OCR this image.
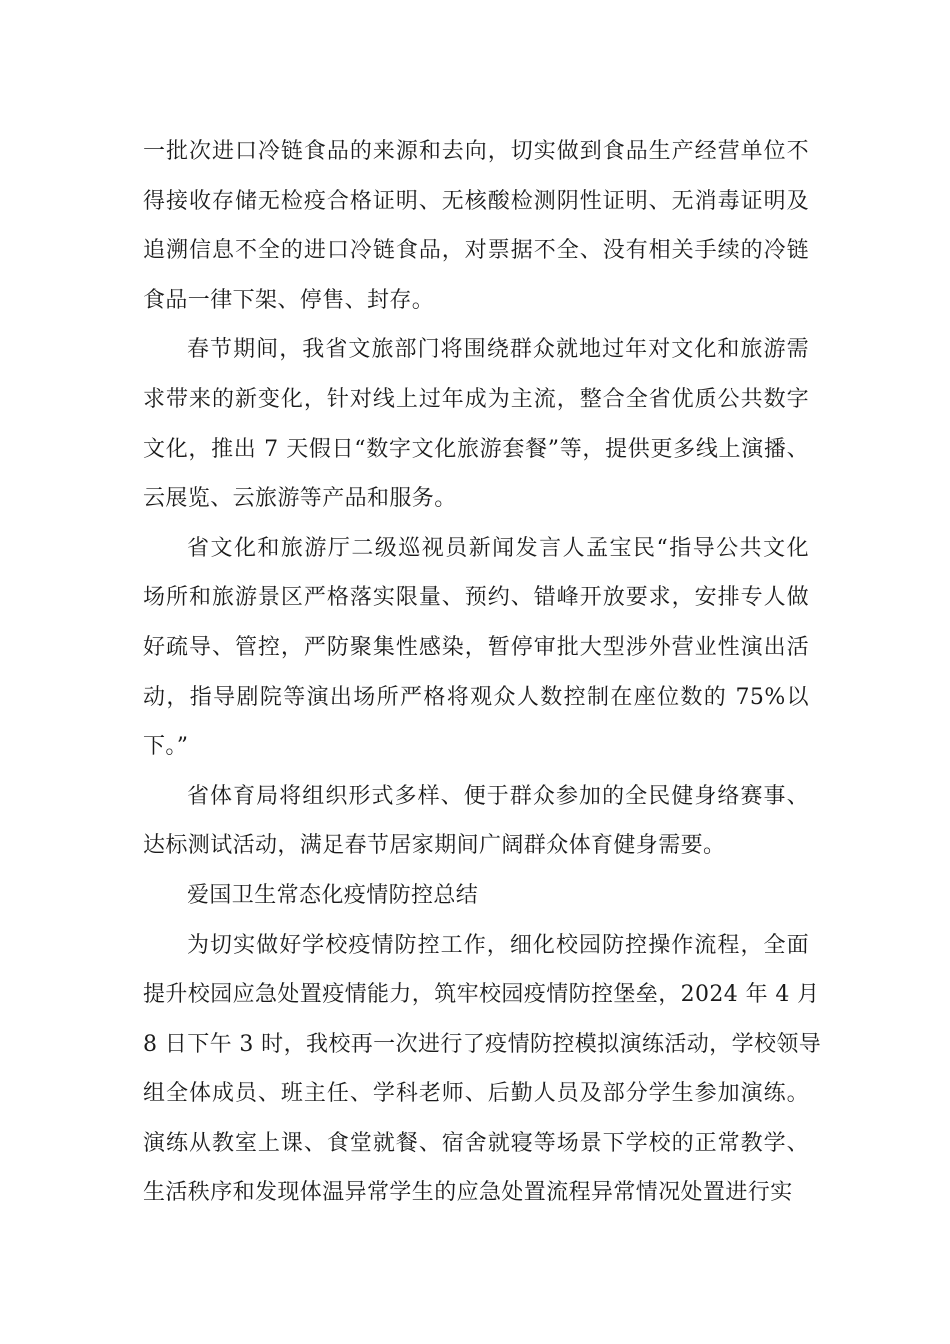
一批次进口冷链食品的来源和去向，切实做到食品生产经营单位不
得接收存储无检疫合格证明、无核酸检测阴性证明、无消毒证明及
追溯信息不全的进口冷链食品，对票据不全、没有相关手续的冷链
食品一律下架、停售、封存。
春节期间，我省文旅部门将围绕群众就地过年对文化和旅游需
求带来的新变化，针对线上过年成为主流，整合全省优质公共数字
文化，推出 7 天假日“数字文化旅游套餐”等，提供更多线上演播、
云展览、云旅游等产品和服务。
省文化和旅游厅二级巡视员新闻发言人孟宝民“指导公共文化
场所和旅游景区严格落实限量、预约、错峰开放要求，安排专人做
好疏导、管控，严防聚集性感染，暂停审批大型涉外营业性演出活
动，指导剧院等演出场所严格将观众人数控制在座位数的 75%以
下。”
省体育局将组织形式多样、便于群众参加的全民健身络赛事、
达标测试活动，满足春节居家期间广阔群众体育健身需要。
爱国卫生常态化疫情防控总结
为切实做好学校疫情防控工作，细化校园防控操作流程，全面
提升校园应急处置疫情能力，筑牢校园疫情防控堡垒，2024 年 4 月
8 日下午 3 时，我校再一次进行了疫情防控模拟演练活动，学校领导
组全体成员、班主任、学科老师、后勤人员及部分学生参加演练。
演练从教室上课、食堂就餐、宿舍就寝等场景下学校的正常教学、
生活秩序和发现体温异常学生的应急处置流程异常情况处置进行实
